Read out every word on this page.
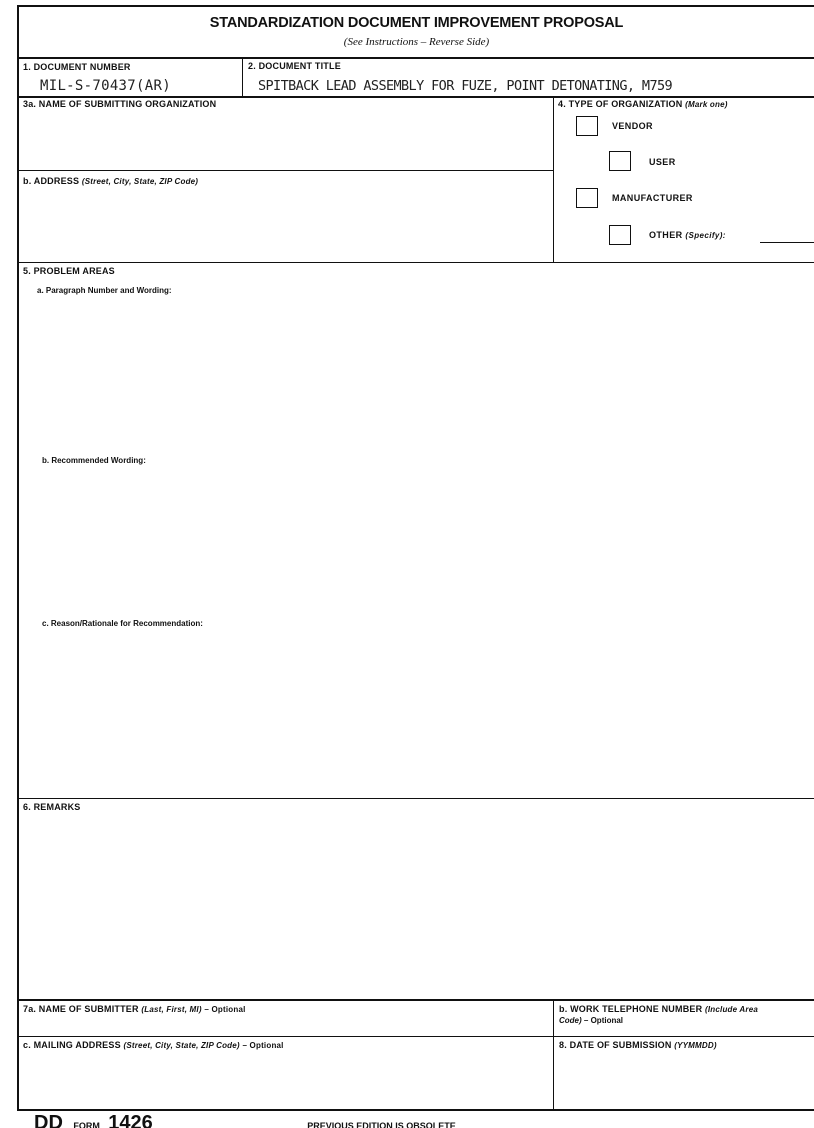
STANDARDIZATION DOCUMENT IMPROVEMENT PROPOSAL
(See Instructions – Reverse Side)
1. DOCUMENT NUMBER
MIL-S-70437(AR)
2. DOCUMENT TITLE
SPITBACK LEAD ASSEMBLY FOR FUZE, POINT DETONATING, M759
3a. NAME OF SUBMITTING ORGANIZATION
b. ADDRESS (Street, City, State, ZIP Code)
4. TYPE OF ORGANIZATION (Mark one)
VENDOR
USER
MANUFACTURER
OTHER (Specify):
5. PROBLEM AREAS
a. Paragraph Number and Wording:
b. Recommended Wording:
c. Reason/Rationale for Recommendation:
6. REMARKS
7a. NAME OF SUBMITTER (Last, First, MI) – Optional	b. WORK TELEPHONE NUMBER (Include Area
Code) – Optional
c. MAILING ADDRESS (Street, City, State, ZIP Code) – Optional	8. DATE OF SUBMISSION (YYMMDD)
DD FORM 1426	PREVIOUS EDITION IS OBSOLETE
